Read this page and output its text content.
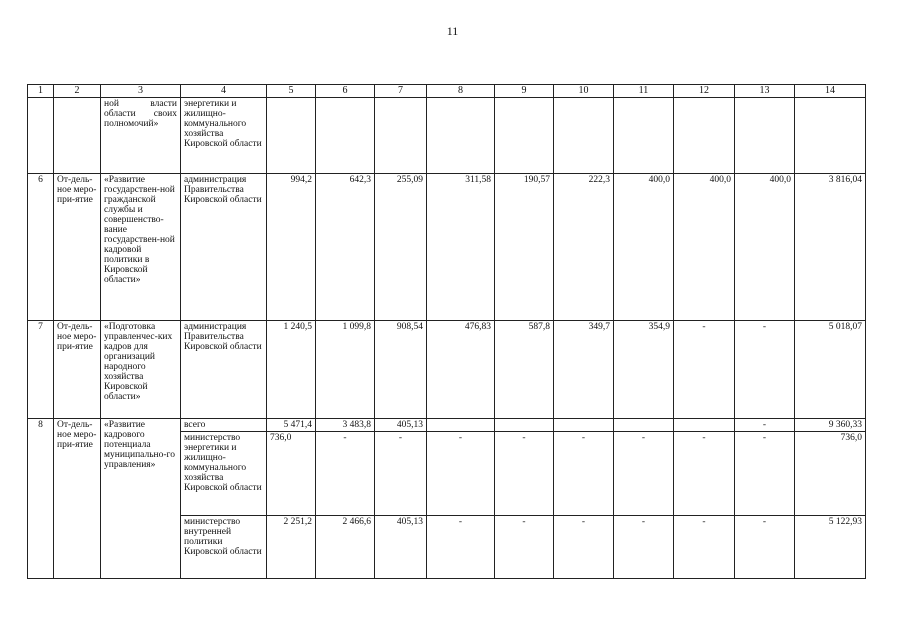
11
1	2	3	4	5	6	7	8	9	10	11	12	13	14
		ной власти области своих полномочий»	энергетики и жилищно-коммунального хозяйства Кировской области										
6	От-дель-ное меро-при-ятие	«Развитие государствен-ной гражданской службы и совершенство-вание государствен-ной кадровой политики в Кировской области»	администрация Правительства Кировской области	994,2	642,3	255,09	311,58	190,57	222,3	400,0	400,0	400,0	3 816,04
7	От-дель-ное меро-при-ятие	«Подготовка управленчес-ких кадров для организаций народного хозяйства Кировской области»	администрация Правительства Кировской области	1 240,5	1 099,8	908,54	476,83	587,8	349,7	354,9	-	-	5 018,07
8	От-дель-ное меро-при-ятие	«Развитие кадрового потенциала муниципально-го управления»	всего	5 471,4	3 483,8	405,13						-	9 360,33
			министерство энергетики и жилищно-коммунального хозяйства Кировской области	736,0	-	-	-	-	-	-	-	-	736,0
			министерство внутренней политики Кировской области	2 251,2	2 466,6	405,13	-	-	-	-	-	-	5 122,93
